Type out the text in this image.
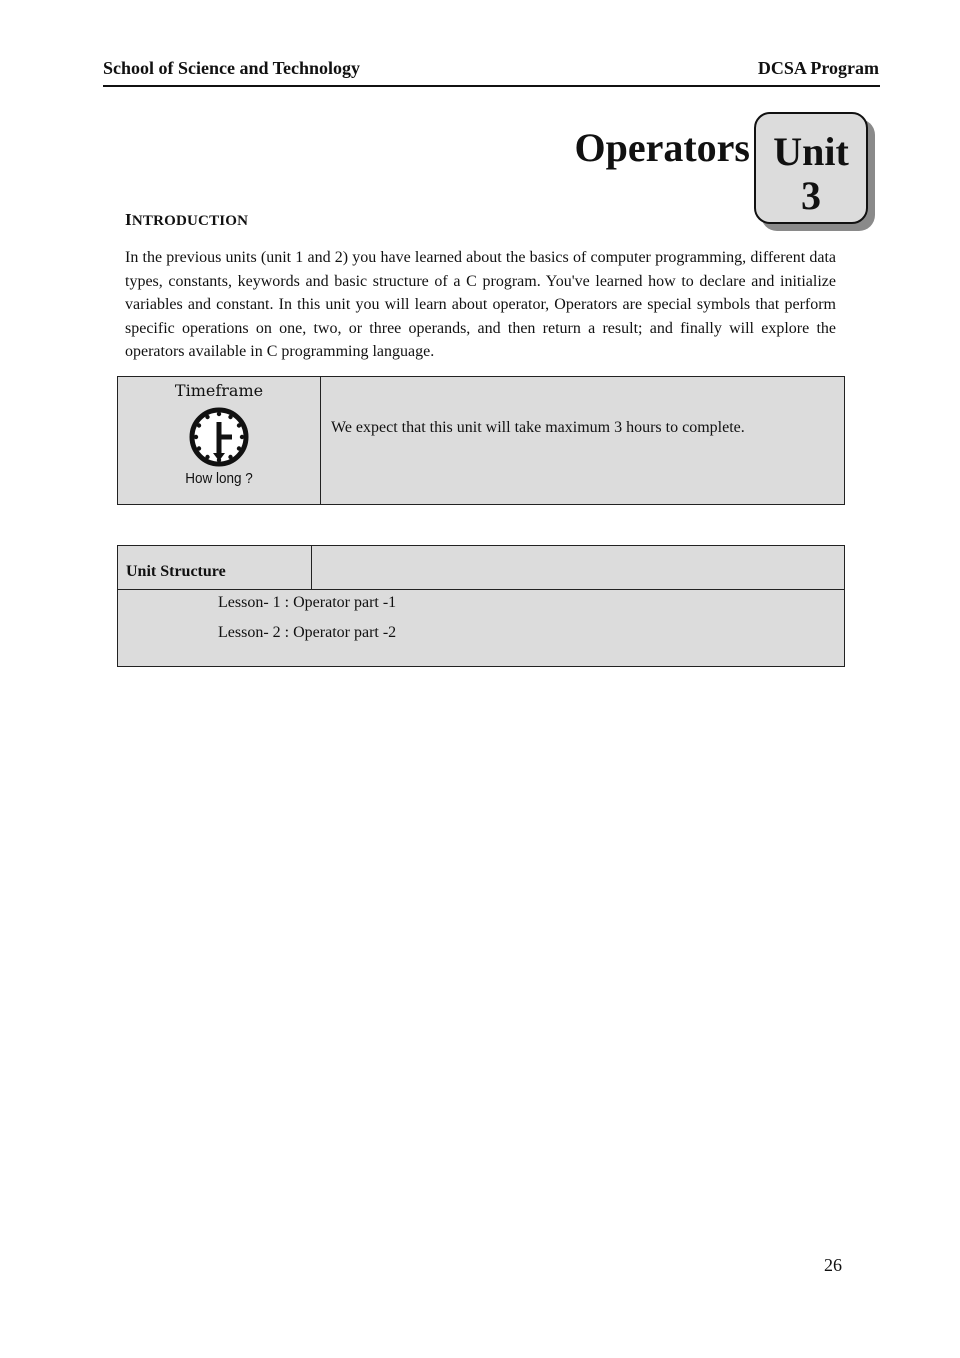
School of Science and Technology	DCSA Program
Operators Unit
3
INTRODUCTION
In the previous units (unit 1 and 2) you have learned about the basics of computer programming, different data types, constants, keywords and basic structure of a C program. You've learned how to declare and initialize variables and constant. In this unit you will learn about operator, Operators are special symbols that perform specific operations on one, two, or three operands, and then return a result; and finally will explore the operators available in C programming language.
Timeframe
How long ?
	We expect that this unit will take maximum 3 hours to complete.
Unit Structure	

Lesson- 1 : Operator part -1
Lesson- 2 : Operator part -2
26
